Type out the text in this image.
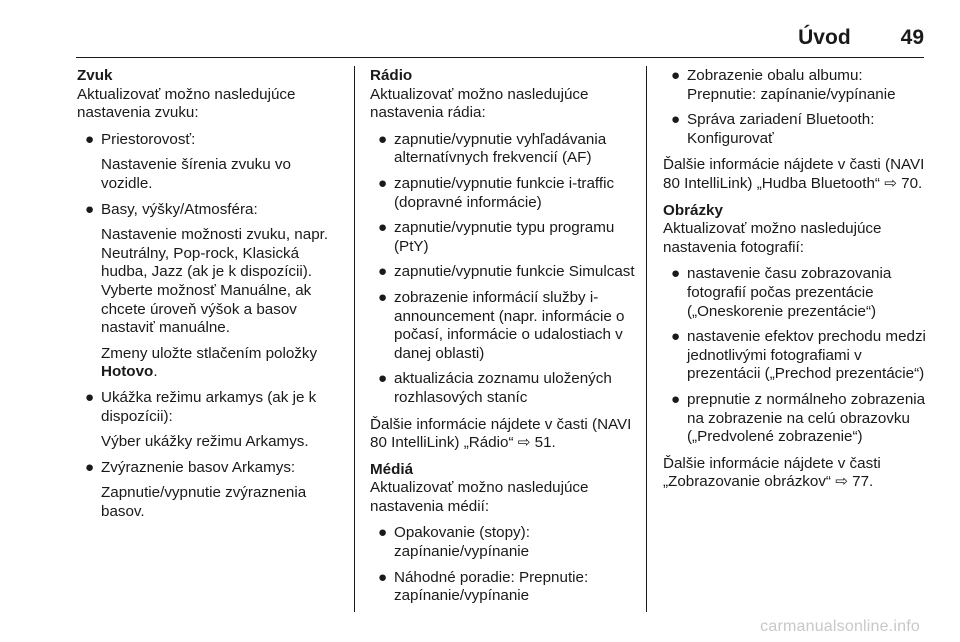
Úvod 49

Zvuk

Aktualizovať možno nasledujúce nastavenia zvuku:

● Priestorovosť:
Nastavenie šírenia zvuku vo vozidle.
● Basy, výšky/Atmosféra:
Nastavenie možnosti zvuku, napr. Neutrálny, Pop-rock, Klasická hudba, Jazz (ak je k dispozícii). Vyberte možnosť Manuálne, ak chcete úroveň výšok a basov nastaviť manuálne.
Zmeny uložte stlačením položky Hotovo.
● Ukážka režimu arkamys (ak je k dispozícii):
Výber ukážky režimu Arkamys.
● Zvýraznenie basov Arkamys:
Zapnutie/vypnutie zvýraznenia basov.

Rádio

Aktualizovať možno nasledujúce nastavenia rádia:

● zapnutie/vypnutie vyhľadávania alternatívnych frekvencií (AF)
● zapnutie/vypnutie funkcie i-traffic (dopravné informácie)
● zapnutie/vypnutie typu programu (PtY)
● zapnutie/vypnutie funkcie Simulcast
● zobrazenie informácií služby i-announcement (napr. informácie o počasí, informácie o udalostiach v danej oblasti)
● aktualizácia zoznamu uložených rozhlasových staníc

Ďalšie informácie nájdete v časti (NAVI 80 IntelliLink) „Rádio“ ⇨ 51.

Médiá

Aktualizovať možno nasledujúce nastavenia médií:

● Opakovanie (stopy): zapínanie/vypínanie
● Náhodné poradie: Prepnutie: zapínanie/vypínanie
● Zobrazenie obalu albumu: Prepnutie: zapínanie/vypínanie
● Správa zariadení Bluetooth: Konfigurovať

Ďalšie informácie nájdete v časti (NAVI 80 IntelliLink) „Hudba Bluetooth“ ⇨ 70.

Obrázky

Aktualizovať možno nasledujúce nastavenia fotografií:

● nastavenie času zobrazovania fotografií počas prezentácie („Oneskorenie prezentácie“)
● nastavenie efektov prechodu medzi jednotlivými fotografiami v prezentácii („Prechod prezentácie“)
● prepnutie z normálneho zobrazenia na zobrazenie na celú obrazovku („Predvolené zobrazenie“)

Ďalšie informácie nájdete v časti „Zobrazovanie obrázkov“ ⇨ 77.

carmanualsonline.info
